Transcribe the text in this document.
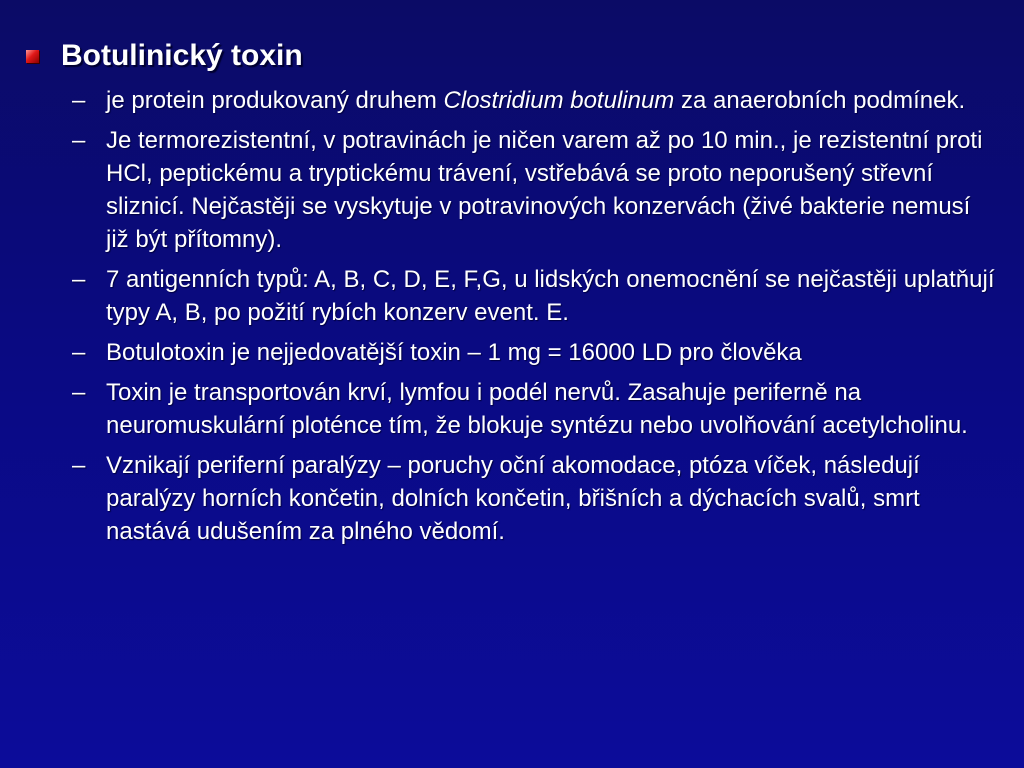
Botulinický toxin
– je protein produkovaný druhem Clostridium botulinum za anaerobních podmínek.
– Je termorezistentní, v potravinách je ničen varem až po 10 min., je rezistentní proti HCl, peptickému a tryptickému trávení, vstřebává se proto neporušený střevní sliznicí. Nejčastěji se vyskytuje v potravinových konzervách (živé bakterie nemusí již být přítomny).
– 7 antigenních typů: A, B, C, D, E, F,G, u lidských onemocnění se nejčastěji uplatňují typy A, B, po požití rybích konzerv event. E.
– Botulotoxin je nejjedovatější toxin – 1 mg = 16000 LD pro člověka
– Toxin je transportován krví, lymfou i podél nervů. Zasahuje periferně na neuromuskulární ploténce tím, že blokuje syntézu nebo uvolňování acetylcholinu.
– Vznikají periferní paralýzy – poruchy oční akomodace, ptóza víček, následují paralýzy horních končetin, dolních končetin, břišních a dýchacích svalů, smrt nastává udušením za plného vědomí.
